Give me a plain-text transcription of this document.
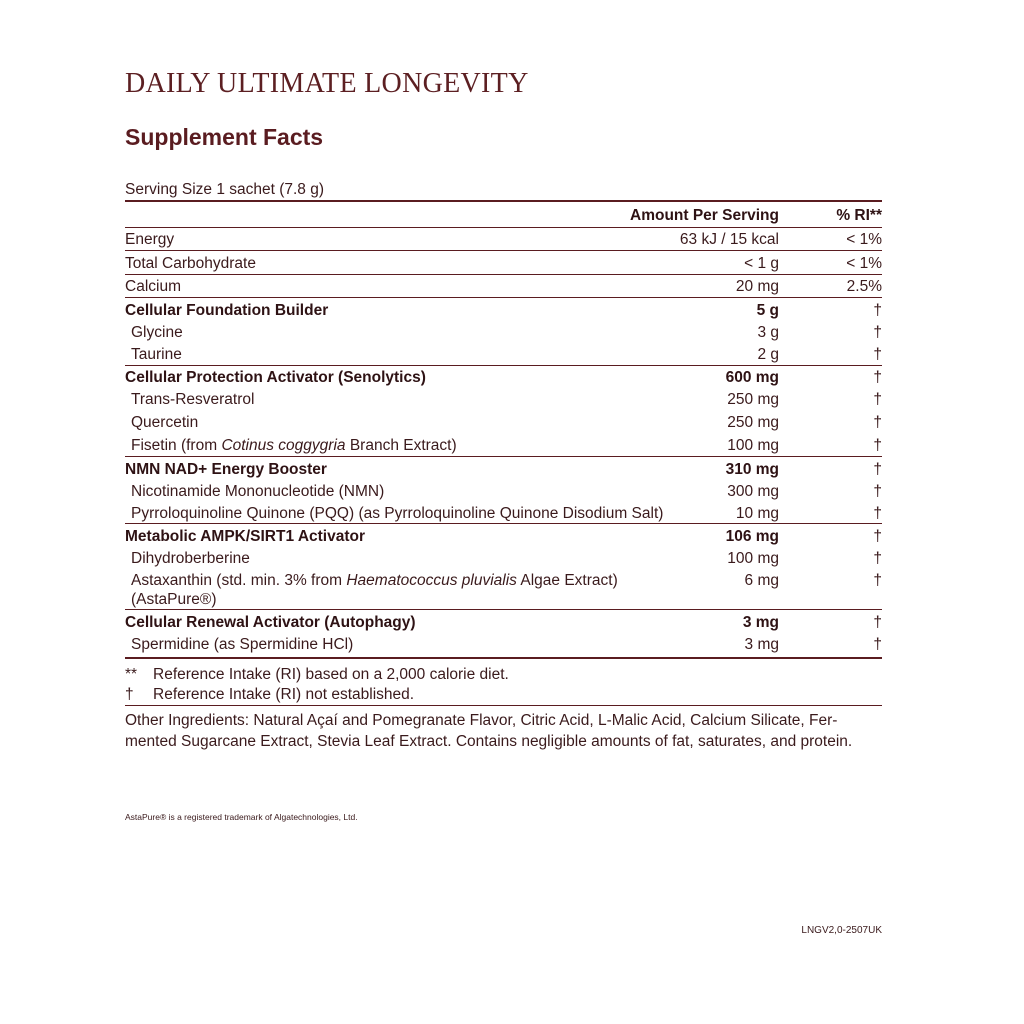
DAILY ULTIMATE LONGEVITY
Supplement Facts
Serving Size 1 sachet (7.8 g)
Amount Per Serving	% RI**
Energy	63 kJ / 15 kcal	< 1%
Total Carbohydrate	< 1 g	< 1%
Calcium	20 mg	2.5%
Cellular Foundation Builder	5 g	†
Glycine	3 g	†
Taurine	2 g	†
Cellular Protection Activator (Senolytics)	600 mg	†
Trans-Resveratrol	250 mg	†
Quercetin	250 mg	†
Fisetin (from Cotinus coggygria Branch Extract)	100 mg	†
NMN NAD+ Energy Booster	310 mg	†
Nicotinamide Mononucleotide (NMN)	300 mg	†
Pyrroloquinoline Quinone (PQQ) (as Pyrroloquinoline Quinone Disodium Salt)	10 mg	†
Metabolic AMPK/SIRT1 Activator	106 mg	†
Dihydroberberine	100 mg	†
Astaxanthin (std. min. 3% from Haematococcus pluvialis Algae Extract)
(AstaPure®)
6 mg	†
Cellular Renewal Activator (Autophagy)	3 mg	†
Spermidine (as Spermidine HCl)	3 mg	†
** Reference Intake (RI) based on a 2,000 calorie diet.
† Reference Intake (RI) not established.
Other Ingredients: Natural Açaí and Pomegranate Flavor, Citric Acid, L-Malic Acid, Calcium Silicate, Fer-
mented Sugarcane Extract, Stevia Leaf Extract. Contains negligible amounts of fat, saturates, and protein.
AstaPure® is a registered trademark of Algatechnologies, Ltd.
LNGV2,0-2507UK
